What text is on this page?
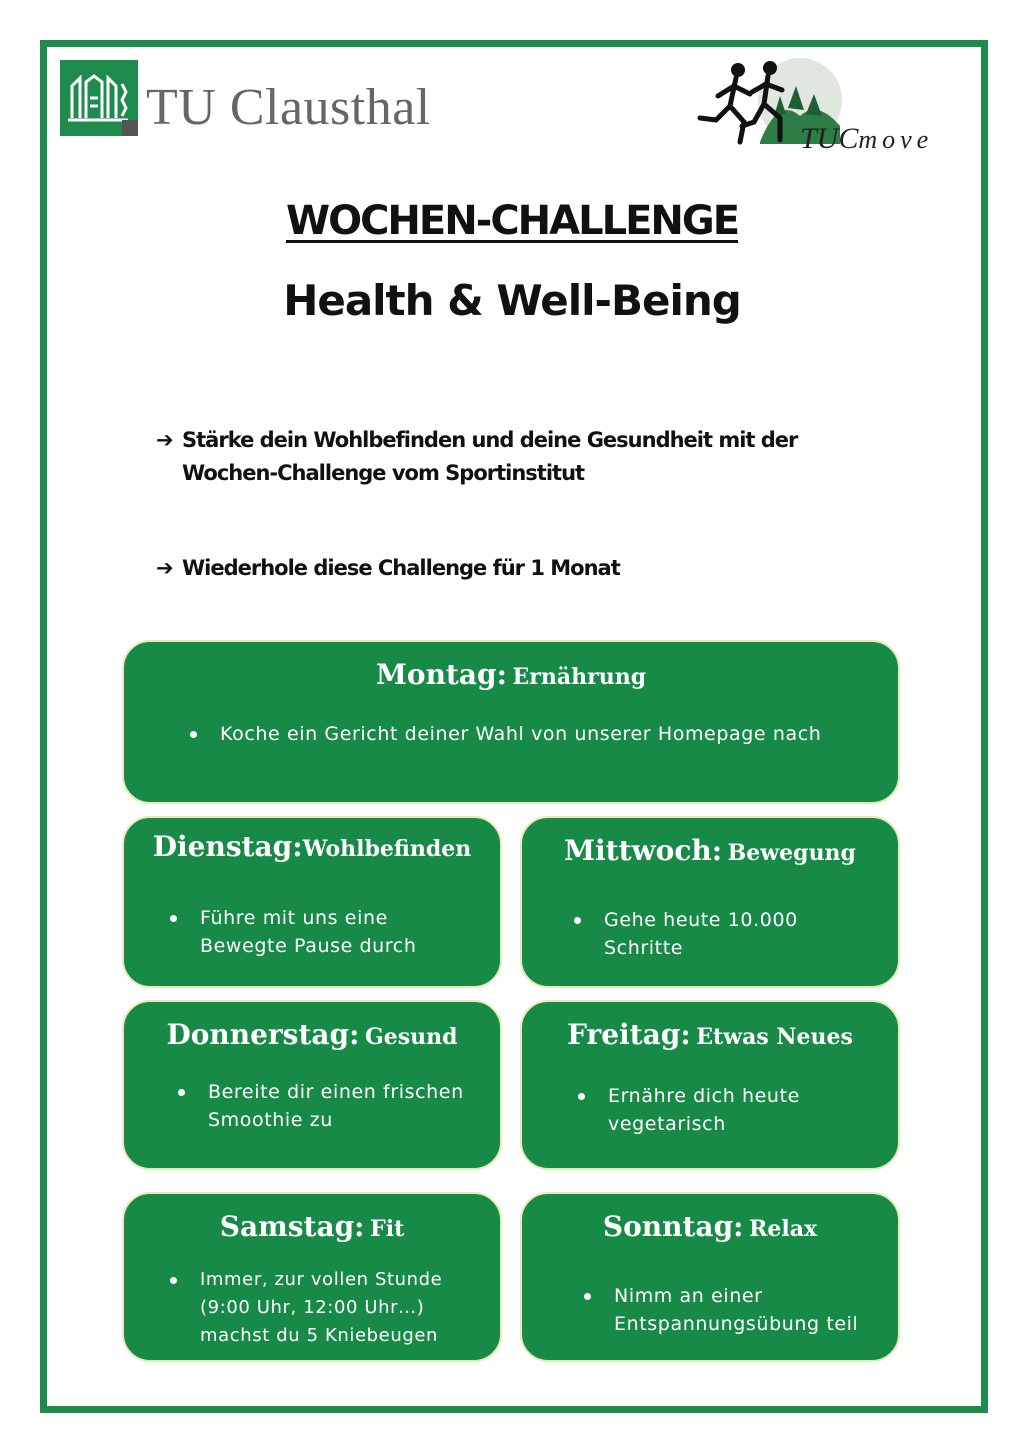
TU Clausthal
TUCmove
WOCHEN-CHALLENGE
Health & Well-Being
➔ Stärke dein Wohlbefinden und deine Gesundheit mit der Wochen-Challenge vom Sportinstitut
➔ Wiederhole diese Challenge für 1 Monat
Montag: Ernährung
Koche ein Gericht deiner Wahl von unserer Homepage nach
Dienstag:Wohlbefinden
Führe mit uns eine Bewegte Pause durch
Mittwoch: Bewegung
Gehe heute 10.000 Schritte
Donnerstag: Gesund
Bereite dir einen frischen Smoothie zu
Freitag: Etwas Neues
Ernähre dich heute vegetarisch
Samstag: Fit
Immer, zur vollen Stunde (9:00 Uhr, 12:00 Uhr…) machst du 5 Kniebeugen
Sonntag: Relax
Nimm an einer Entspannungsübung teil
